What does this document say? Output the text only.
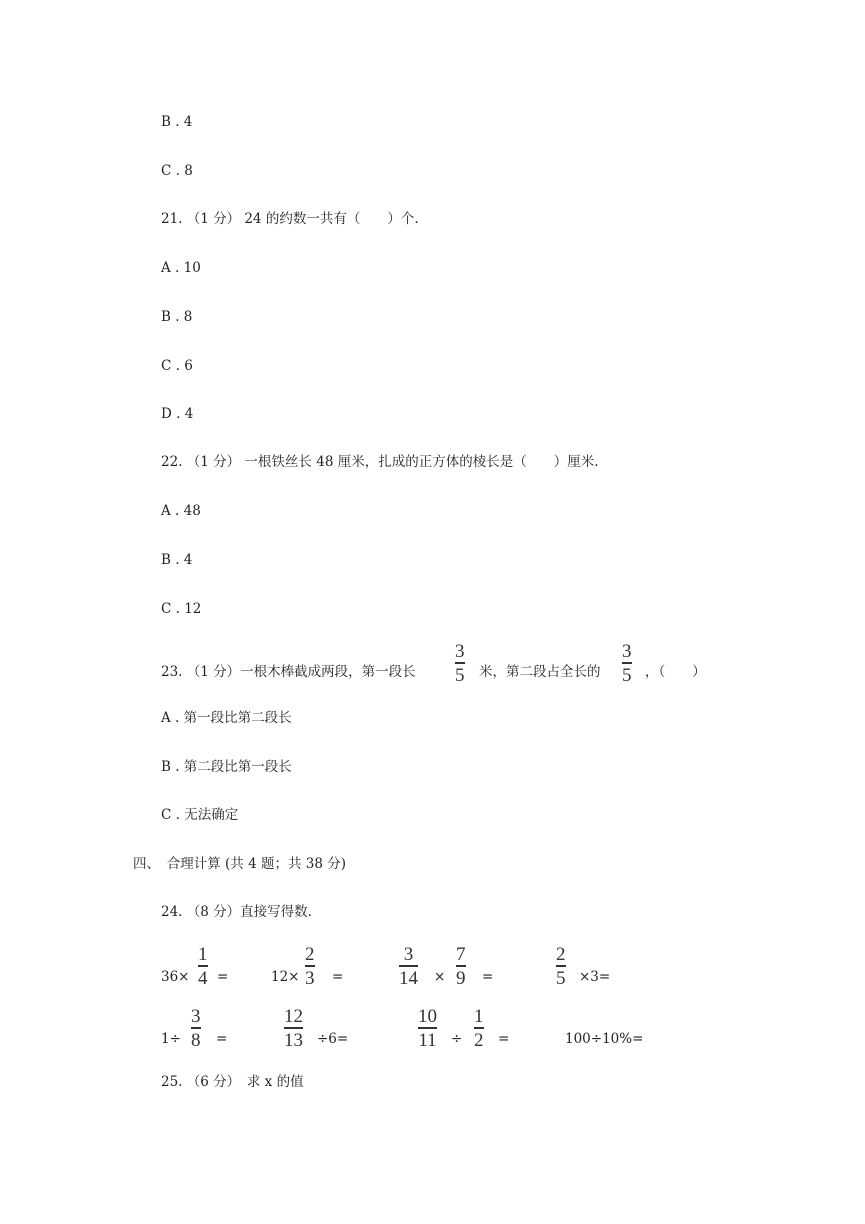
B . 4
C . 8
21. （1 分） 24 的约数一共有（　　）个.
A . 10
B . 8
C . 6
D . 4
22. （1 分） 一根铁丝长 48 厘米，扎成的正方体的棱长是（　　）厘米.
A . 48
B . 4
C . 12
23. （1 分）一根木棒截成两段，第一段长
3
5 米，第二段占全长的
3
5 ，（　　）
A . 第一段比第二段长
B . 第二段比第一段长
C . 无法确定
四、　合理计算 (共 4 题；共 38 分)
24. （8 分）直接写得数.
36×
1
4 =	12×
2
3 =
3
14 ×
7
9 =
2
5 ×3=
1÷
3
8 =
12
13 ÷6=
10
11 ÷
1
2 =	100÷10%=
25. （6 分）　求 x 的值
